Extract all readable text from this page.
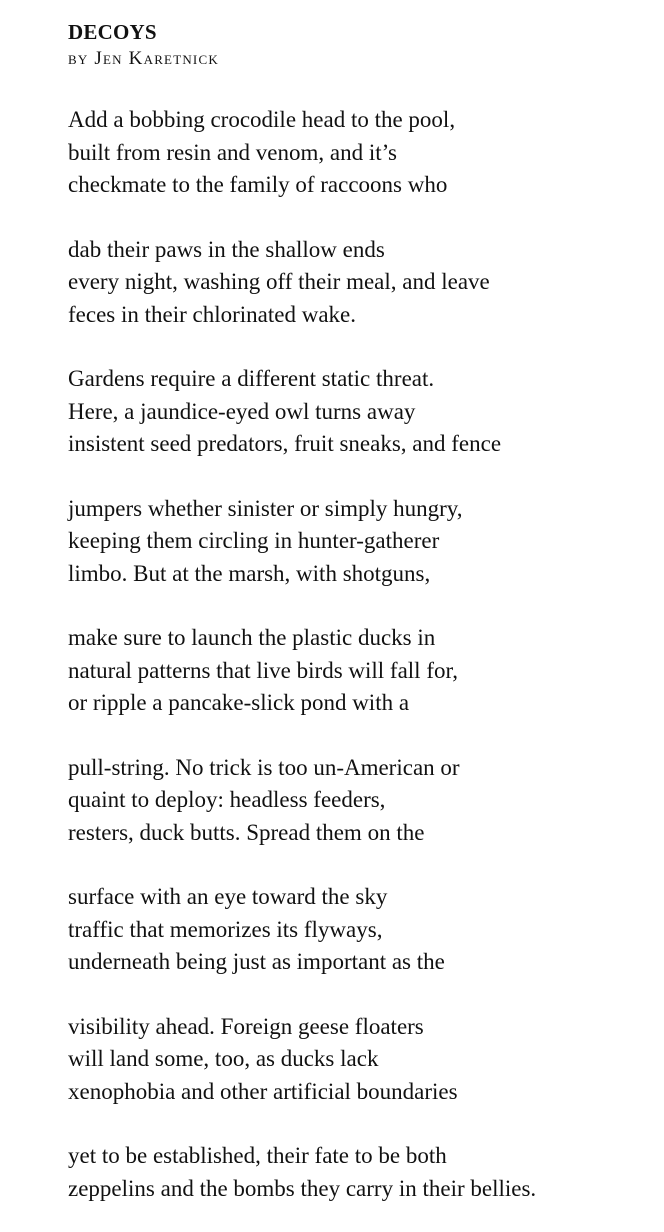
DECOYS
by Jen Karetnick
Add a bobbing crocodile head to the pool,
built from resin and venom, and it’s
checkmate to the family of raccoons who
dab their paws in the shallow ends
every night, washing off their meal, and leave
feces in their chlorinated wake.
Gardens require a different static threat.
Here, a jaundice-eyed owl turns away
insistent seed predators, fruit sneaks, and fence
jumpers whether sinister or simply hungry,
keeping them circling in hunter-gatherer
limbo. But at the marsh, with shotguns,
make sure to launch the plastic ducks in
natural patterns that live birds will fall for,
or ripple a pancake-slick pond with a
pull-string. No trick is too un-American or
quaint to deploy: headless feeders,
resters, duck butts. Spread them on the
surface with an eye toward the sky
traffic that memorizes its flyways,
underneath being just as important as the
visibility ahead. Foreign geese floaters
will land some, too, as ducks lack
xenophobia and other artificial boundaries
yet to be established, their fate to be both
zeppelins and the bombs they carry in their bellies.
